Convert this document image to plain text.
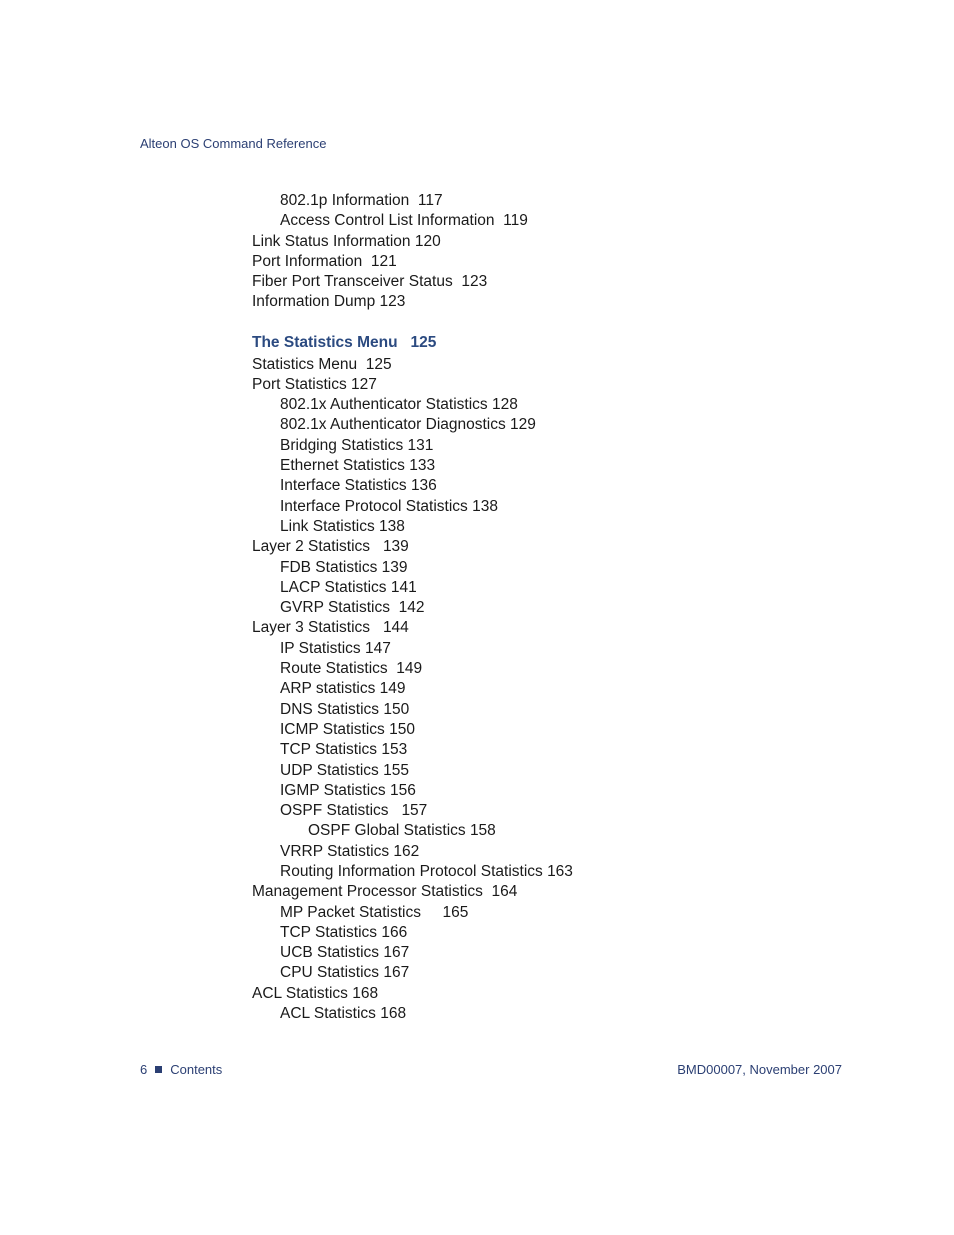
Alteon OS Command Reference
802.1p Information  117
Access Control List Information  119
Link Status Information 120
Port Information  121
Fiber Port Transceiver Status  123
Information Dump 123
The Statistics Menu   125
Statistics Menu  125
Port Statistics 127
802.1x Authenticator Statistics 128
802.1x Authenticator Diagnostics 129
Bridging Statistics 131
Ethernet Statistics 133
Interface Statistics 136
Interface Protocol Statistics 138
Link Statistics 138
Layer 2 Statistics   139
FDB Statistics 139
LACP Statistics 141
GVRP Statistics  142
Layer 3 Statistics   144
IP Statistics 147
Route Statistics  149
ARP statistics 149
DNS Statistics 150
ICMP Statistics 150
TCP Statistics 153
UDP Statistics 155
IGMP Statistics 156
OSPF Statistics   157
OSPF Global Statistics 158
VRRP Statistics 162
Routing Information Protocol Statistics 163
Management Processor Statistics  164
MP Packet Statistics     165
TCP Statistics 166
UCB Statistics 167
CPU Statistics 167
ACL Statistics 168
ACL Statistics 168
6 Contents	BMD00007, November 2007
